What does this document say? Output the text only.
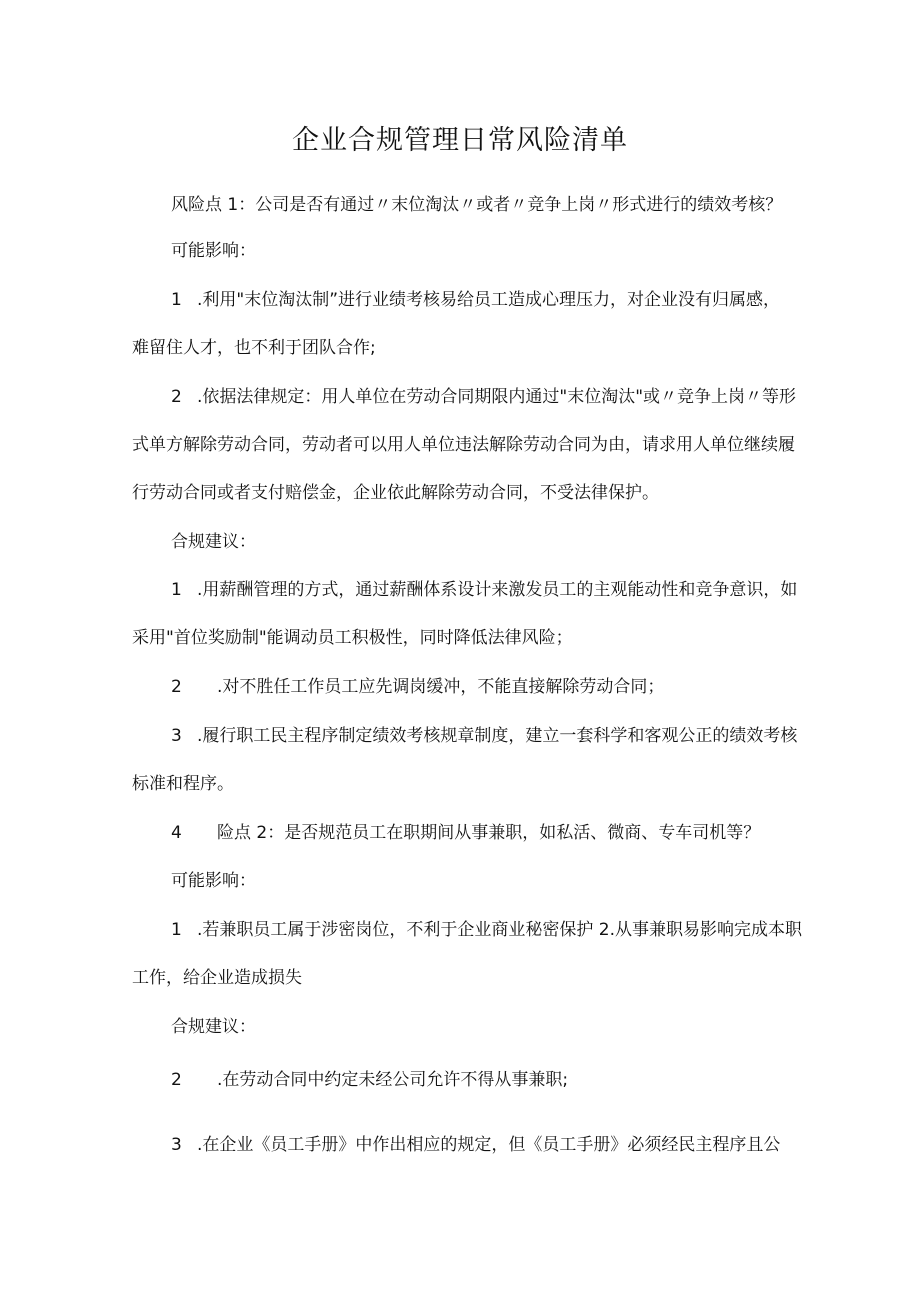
企业合规管理日常风险清单
风险点 1：公司是否有通过〃末位淘汰〃或者〃竞争上岗〃形式进行的绩效考核？
可能影响：
1 .利用"末位淘汰制”进行业绩考核易给员工造成心理压力，对企业没有归属感，
难留住人才，也不利于团队合作;
2 .依据法律规定：用人单位在劳动合同期限内通过"末位淘汰"或〃竞争上岗〃等形
式单方解除劳动合同，劳动者可以用人单位违法解除劳动合同为由，请求用人单位继续履
行劳动合同或者支付赔偿金，企业依此解除劳动合同，不受法律保护。
合规建议：
1 .用薪酬管理的方式，通过薪酬体系设计来激发员工的主观能动性和竞争意识，如
采用"首位奖励制"能调动员工积极性，同时降低法律风险；
2 .对不胜任工作员工应先调岗缓冲，不能直接解除劳动合同；
3 .履行职工民主程序制定绩效考核规章制度，建立一套科学和客观公正的绩效考核
标准和程序。
4 险点 2：是否规范员工在职期间从事兼职，如私活、微商、专车司机等？
可能影响：
1 .若兼职员工属于涉密岗位，不利于企业商业秘密保护 2.从事兼职易影响完成本职
工作，给企业造成损失
合规建议：
2 .在劳动合同中约定未经公司允许不得从事兼职;
3 .在企业《员工手册》中作出相应的规定，但《员工手册》必须经民主程序且公
